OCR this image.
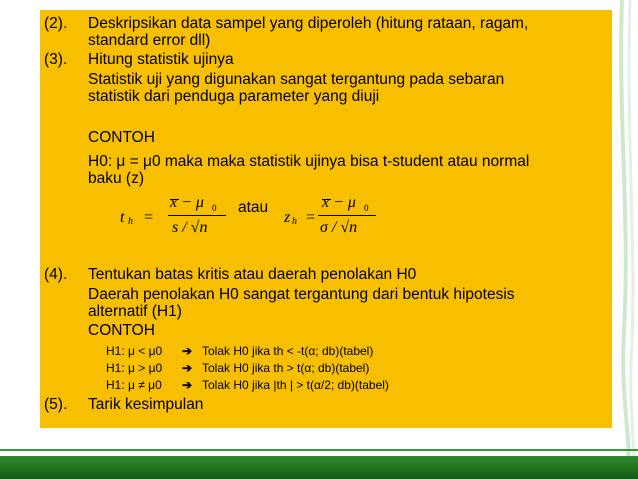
(2). Deskripsikan data sampel yang diperoleh (hitung rataan, ragam,
standard error dll)
(3). Hitung statistik ujinya
Statistik uji yang digunakan sangat tergantung pada sebaran
statistik dari penduga parameter yang diuji
CONTOH
H0: μ = μ0 maka maka statistik ujinya bisa t-student atau normal
baku (z)
t h =
x − μ 0
s / √n
atau
z h =
x − μ 0
σ / √n
(4). Tentukan batas kritis atau daerah penolakan H0
Daerah penolakan H0 sangat tergantung dari bentuk hipotesis
alternatif (H1)
CONTOH
H1: μ < μ0 ➔ Tolak H0 jika th < -t(α; db)(tabel)
H1: μ > μ0 ➔ Tolak H0 jika th > t(α; db)(tabel)
H1: μ ≠ μ0 ➔ Tolak H0 jika |th | > t(α/2; db)(tabel)
(5). Tarik kesimpulan
